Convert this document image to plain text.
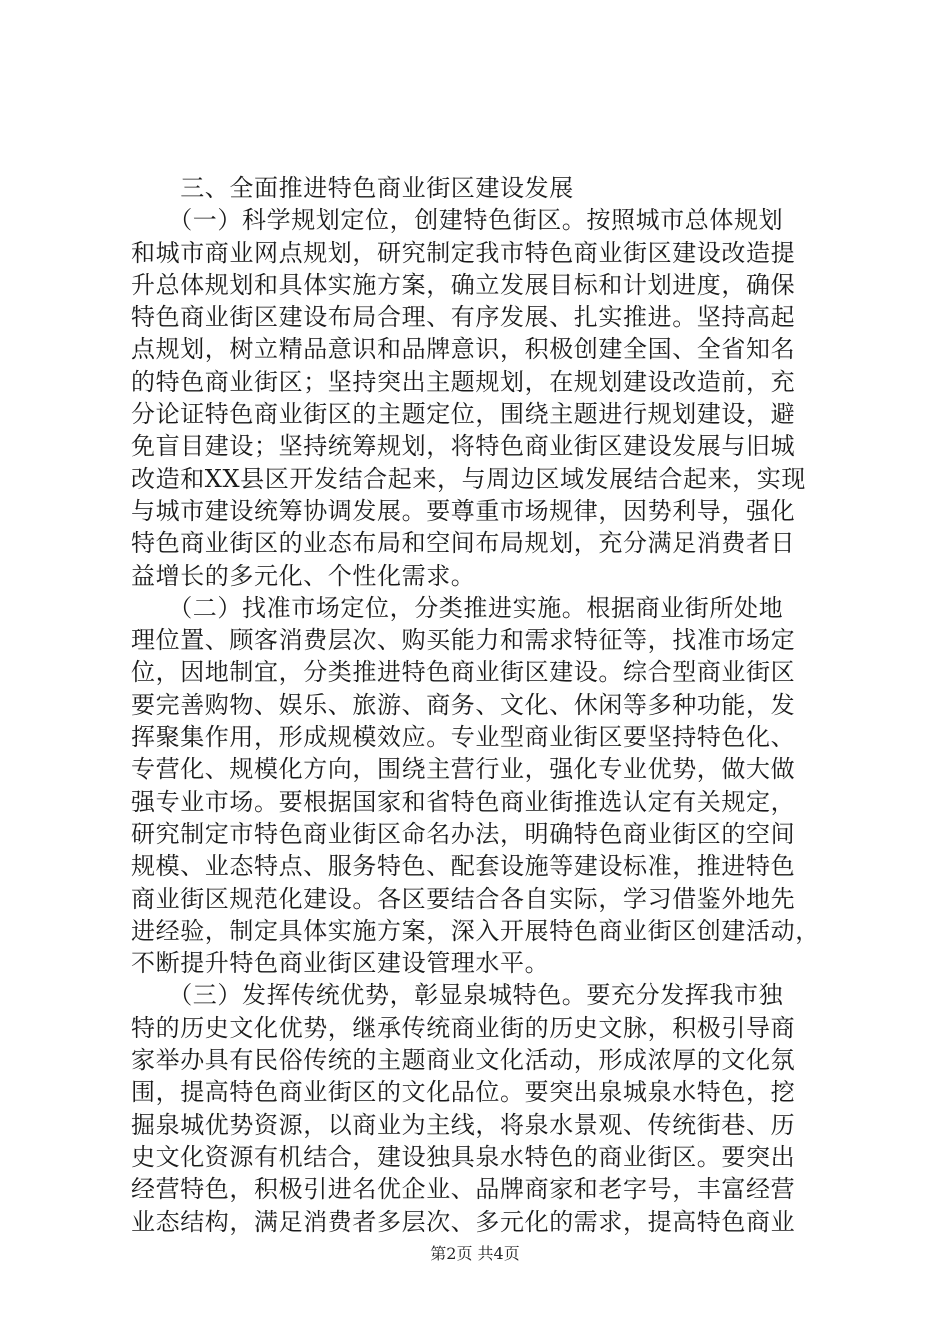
　　三、全面推进特色商业街区建设发展
　　（一）科学规划定位，创建特色街区。按照城市总体规划
和城市商业网点规划，研究制定我市特色商业街区建设改造提
升总体规划和具体实施方案，确立发展目标和计划进度，确保
特色商业街区建设布局合理、有序发展、扎实推进。坚持高起
点规划，树立精品意识和品牌意识，积极创建全国、全省知名
的特色商业街区；坚持突出主题规划，在规划建设改造前，充
分论证特色商业街区的主题定位，围绕主题进行规划建设，避
免盲目建设；坚持统筹规划，将特色商业街区建设发展与旧城
改造和XX县区开发结合起来，与周边区域发展结合起来，实现
与城市建设统筹协调发展。要尊重市场规律，因势利导，强化
特色商业街区的业态布局和空间布局规划，充分满足消费者日
益增长的多元化、个性化需求。
　　（二）找准市场定位，分类推进实施。根据商业街所处地
理位置、顾客消费层次、购买能力和需求特征等，找准市场定
位，因地制宜，分类推进特色商业街区建设。综合型商业街区
要完善购物、娱乐、旅游、商务、文化、休闲等多种功能，发
挥聚集作用，形成规模效应。专业型商业街区要坚持特色化、
专营化、规模化方向，围绕主营行业，强化专业优势，做大做
强专业市场。要根据国家和省特色商业街推选认定有关规定，
研究制定市特色商业街区命名办法，明确特色商业街区的空间
规模、业态特点、服务特色、配套设施等建设标准，推进特色
商业街区规范化建设。各区要结合各自实际，学习借鉴外地先
进经验，制定具体实施方案，深入开展特色商业街区创建活动，
不断提升特色商业街区建设管理水平。
　　（三）发挥传统优势，彰显泉城特色。要充分发挥我市独
特的历史文化优势，继承传统商业街的历史文脉，积极引导商
家举办具有民俗传统的主题商业文化活动，形成浓厚的文化氛
围，提高特色商业街区的文化品位。要突出泉城泉水特色，挖
掘泉城优势资源，以商业为主线，将泉水景观、传统街巷、历
史文化资源有机结合，建设独具泉水特色的商业街区。要突出
经营特色，积极引进名优企业、品牌商家和老字号，丰富经营
业态结构，满足消费者多层次、多元化的需求，提高特色商业
第2页 共4页
